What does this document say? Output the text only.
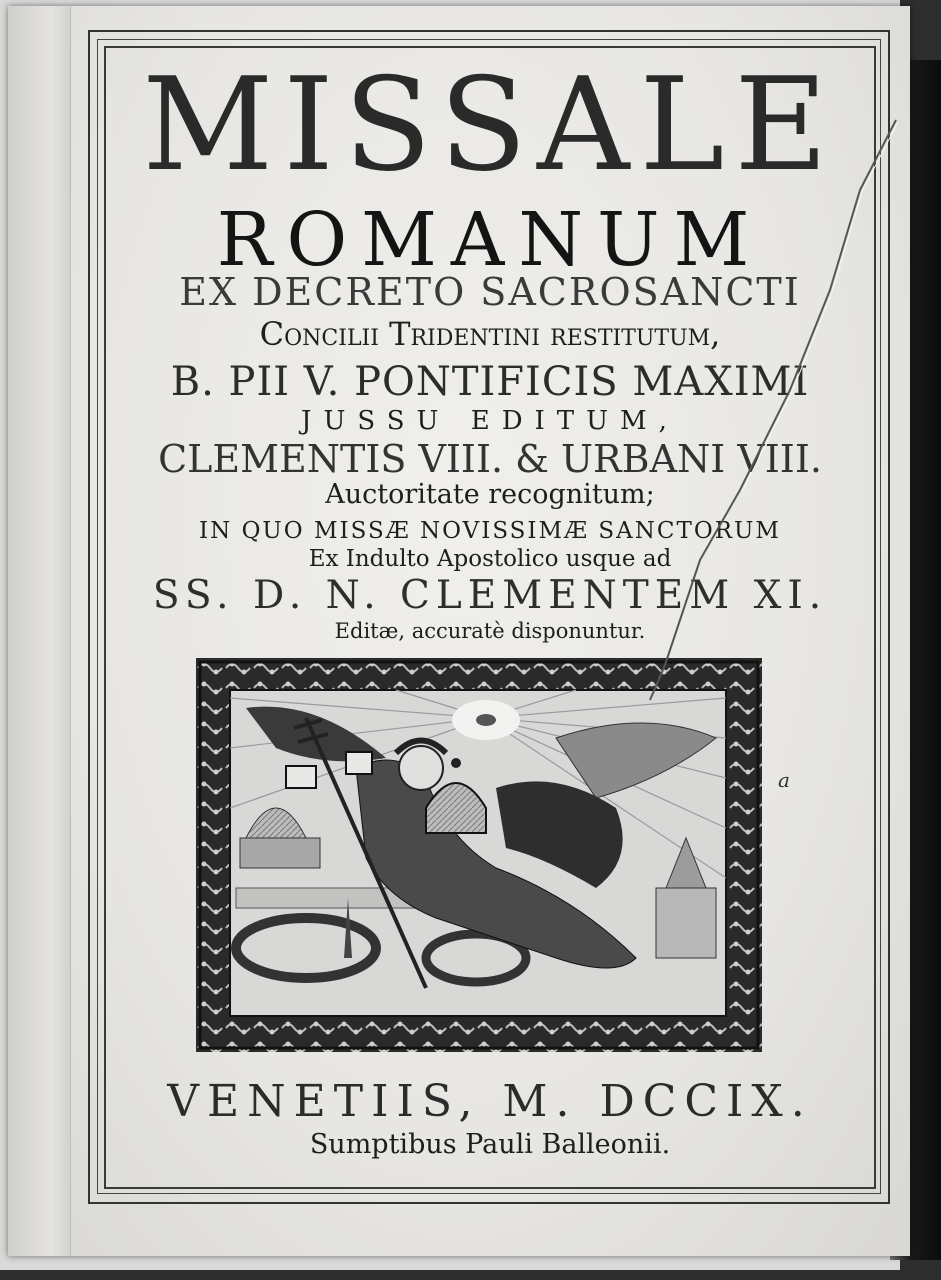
MISSALE
ROMANUM
EX DECRETO SACROSANCTI
Concilii Tridentini restitutum,
B. PII V. PONTIFICIS MAXIMI
JUSSU EDITUM,
CLEMENTIS VIII. & URBANI VIII.
Auctoritate recognitum;
IN QUO MISSÆ NOVISSIMÆ SANCTORUM
Ex Indulto Apostolico usque ad
SS. D. N. CLEMENTEM XI.
Editæ, accuratè disponuntur.
a
VENETIIS, M. DCCIX.
Sumptibus Pauli Balleonii.
